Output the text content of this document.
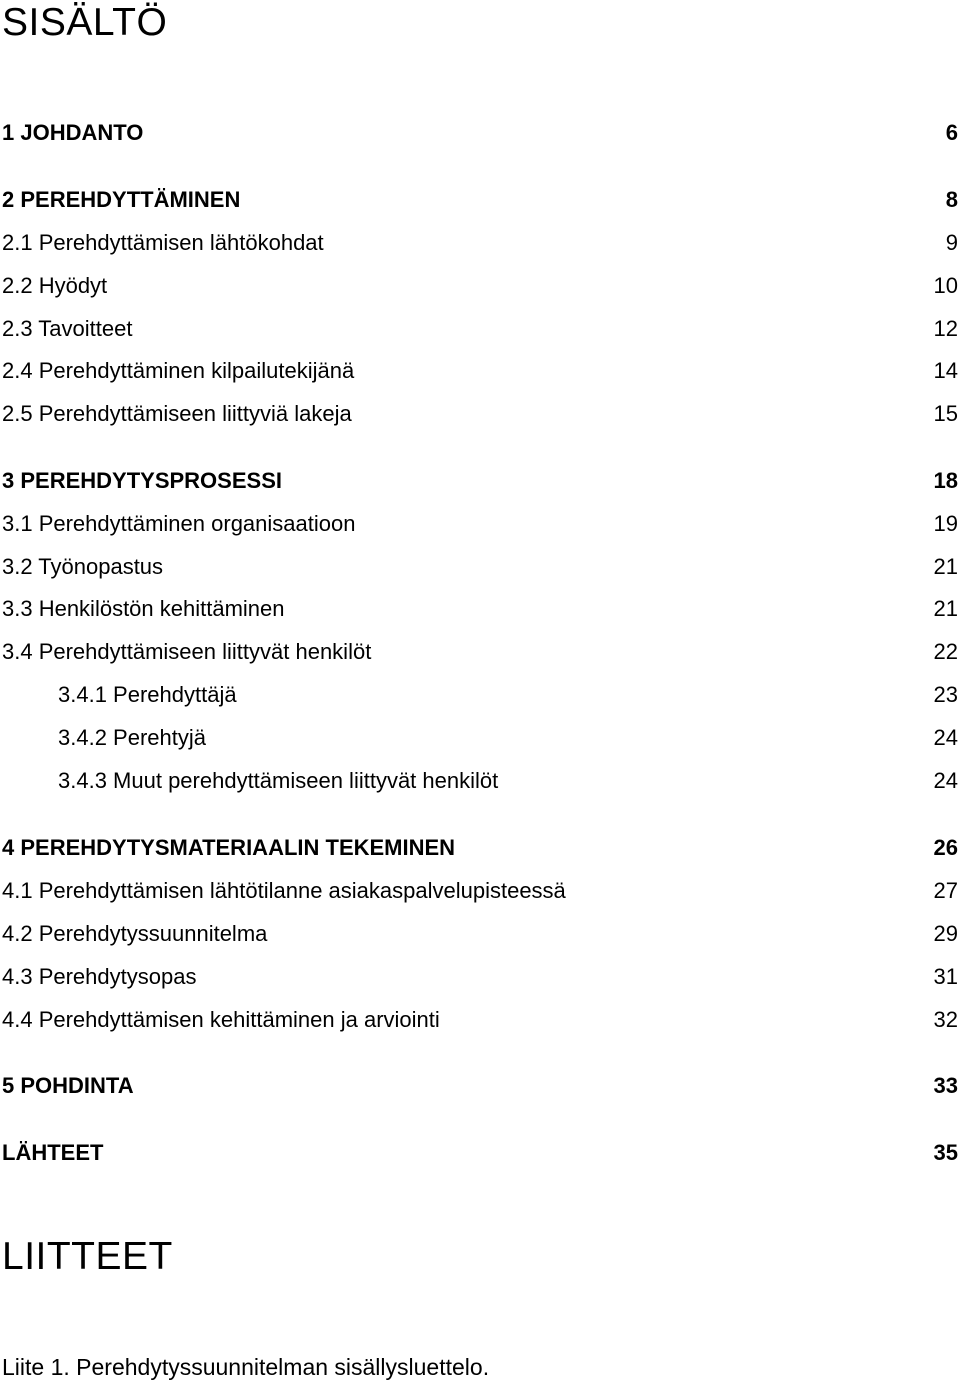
SISÄLTÖ
1 JOHDANTO	6
2 PEREHDYTTÄMINEN	8
2.1 Perehdyttämisen lähtökohdat	9
2.2 Hyödyt	10
2.3 Tavoitteet	12
2.4 Perehdyttäminen kilpailutekijänä	14
2.5 Perehdyttämiseen liittyviä lakeja	15
3 PEREHDYTYSPROSESSI	18
3.1 Perehdyttäminen organisaatioon	19
3.2 Työnopastus	21
3.3 Henkilöstön kehittäminen	21
3.4 Perehdyttämiseen liittyvät henkilöt	22
3.4.1 Perehdyttäjä	23
3.4.2 Perehtyjä	24
3.4.3 Muut perehdyttämiseen liittyvät henkilöt	24
4 PEREHDYTYSMATERIAALIN TEKEMINEN	26
4.1 Perehdyttämisen lähtötilanne asiakaspalvelupisteessä	27
4.2 Perehdytyssuunnitelma	29
4.3 Perehdytysopas	31
4.4 Perehdyttämisen kehittäminen ja arviointi	32
5 POHDINTA	33
LÄHTEET	35
LIITTEET
Liite 1. Perehdytyssuunnitelman sisällysluettelo.
